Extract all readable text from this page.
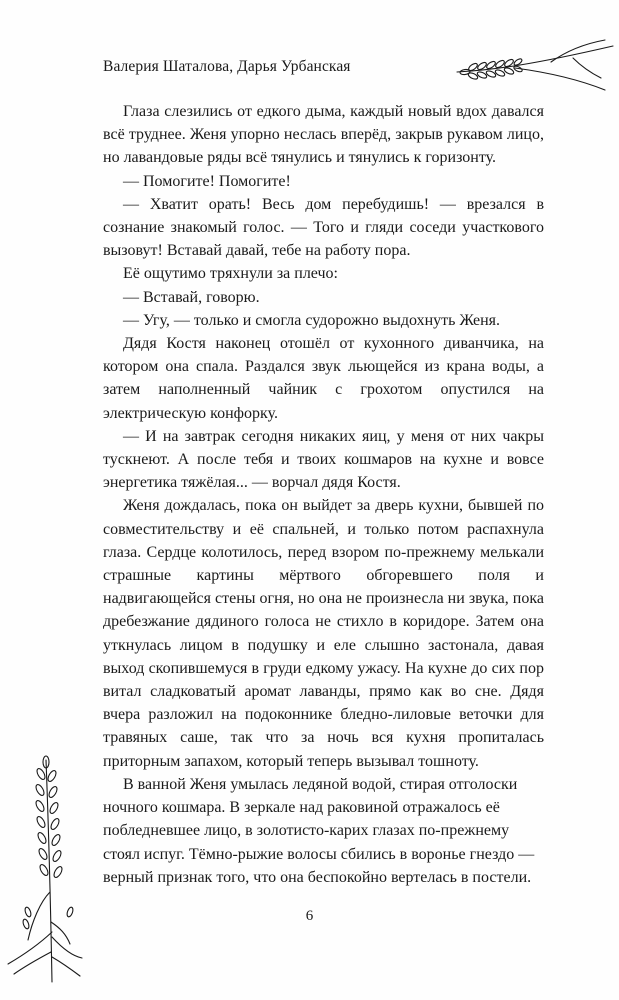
Валерия Шаталова, Дарья Урбанская

Глаза слезились от едкого дыма, каждый новый вдох давался всё труднее. Женя упорно неслась вперёд, закрыв рукавом лицо, но лавандовые ряды всё тянулись и тянулись к горизонту.

— Помогите! Помогите!

— Хватит орать! Весь дом перебудишь! — врезался в сознание знакомый голос. — Того и гляди соседи участкового вызовут! Вставай давай, тебе на работу пора.

Её ощутимо тряхнули за плечо:

— Вставай, говорю.

— Угу, — только и смогла судорожно выдохнуть Женя.

Дядя Костя наконец отошёл от кухонного диванчика, на котором она спала. Раздался звук льющейся из крана воды, а затем наполненный чайник с грохотом опустился на электрическую конфорку.

— И на завтрак сегодня никаких яиц, у меня от них чакры тускнеют. А после тебя и твоих кошмаров на кухне и вовсе энергетика тяжёлая... — ворчал дядя Костя.

Женя дождалась, пока он выйдет за дверь кухни, бывшей по совместительству и её спальней, и только потом распахнула глаза. Сердце колотилось, перед взором по-прежнему мелькали страшные картины мёртвого обгоревшего поля и надвигающейся стены огня, но она не произнесла ни звука, пока дребезжание дядиного голоса не стихло в коридоре. Затем она уткнулась лицом в подушку и еле слышно застонала, давая выход скопившемуся в груди едкому ужасу. На кухне до сих пор витал сладковатый аромат лаванды, прямо как во сне. Дядя вчера разложил на подоконнике бледно-лиловые веточки для травяных саше, так что за ночь вся кухня пропиталась приторным запахом, который теперь вызывал тошноту.

В ванной Женя умылась ледяной водой, стирая отголоски ночного кошмара. В зеркале над раковиной отражалось её побледневшее лицо, в золотисто-карих глазах по-прежнему стоял испуг. Тёмно-рыжие волосы сбились в воронье гнездо — верный признак того, что она беспокойно вертелась в постели.

6
